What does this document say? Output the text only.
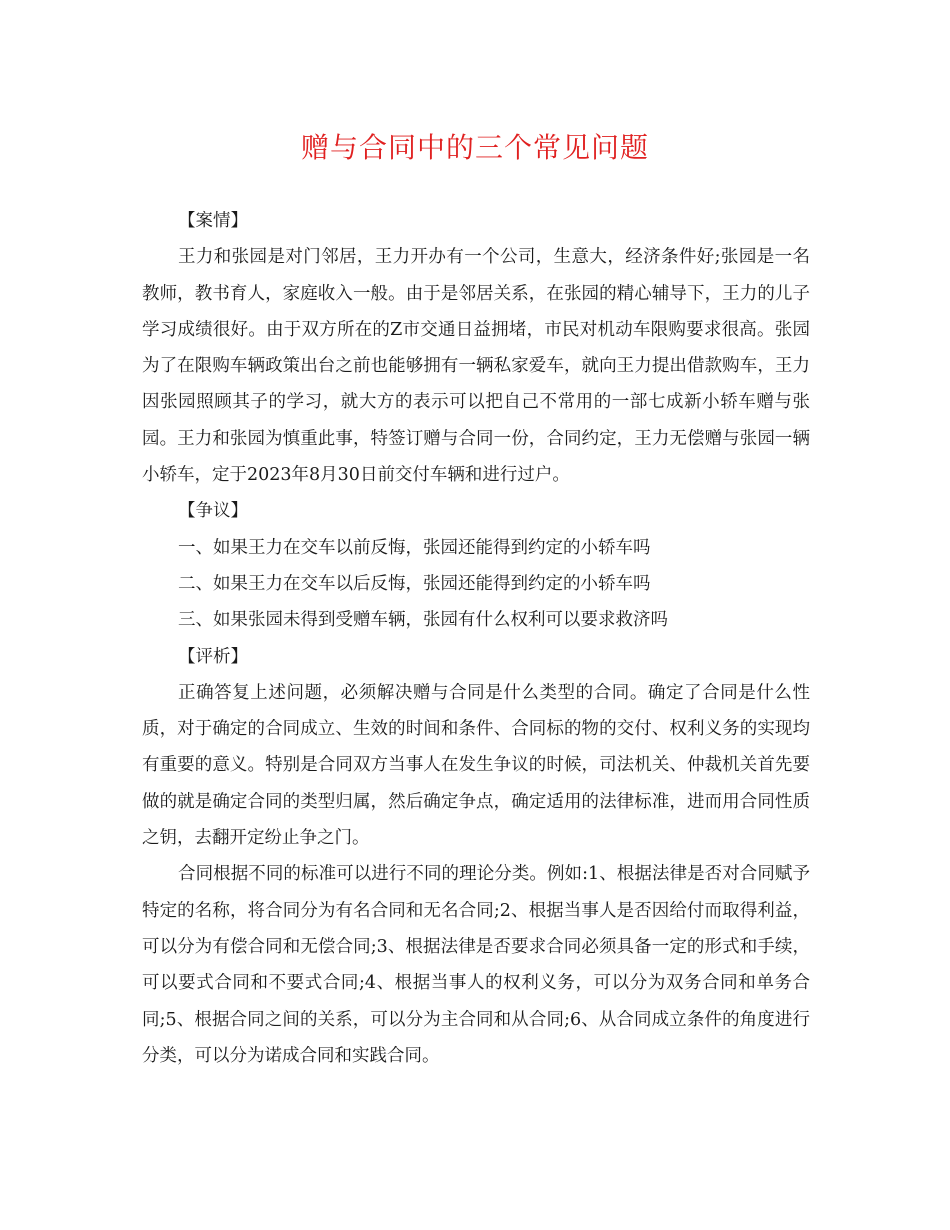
赠与合同中的三个常见问题

【案情】

王力和张园是对门邻居，王力开办有一个公司，生意大，经济条件好;张园是一名教师，教书育人，家庭收入一般。由于是邻居关系，在张园的精心辅导下，王力的儿子学习成绩很好。由于双方所在的Z市交通日益拥堵，市民对机动车限购要求很高。张园为了在限购车辆政策出台之前也能够拥有一辆私家爱车，就向王力提出借款购车，王力因张园照顾其子的学习，就大方的表示可以把自己不常用的一部七成新小轿车赠与张园。王力和张园为慎重此事，特签订赠与合同一份，合同约定，王力无偿赠与张园一辆小轿车，定于2023年8月30日前交付车辆和进行过户。

【争议】

一、如果王力在交车以前反悔，张园还能得到约定的小轿车吗

二、如果王力在交车以后反悔，张园还能得到约定的小轿车吗

三、如果张园未得到受赠车辆，张园有什么权利可以要求救济吗

【评析】

正确答复上述问题，必须解决赠与合同是什么类型的合同。确定了合同是什么性质，对于确定的合同成立、生效的时间和条件、合同标的物的交付、权利义务的实现均有重要的意义。特别是合同双方当事人在发生争议的时候，司法机关、仲裁机关首先要做的就是确定合同的类型归属，然后确定争点，确定适用的法律标准，进而用合同性质之钥，去翻开定纷止争之门。

合同根据不同的标准可以进行不同的理论分类。例如:1、根据法律是否对合同赋予特定的名称，将合同分为有名合同和无名合同;2、根据当事人是否因给付而取得利益，可以分为有偿合同和无偿合同;3、根据法律是否要求合同必须具备一定的形式和手续，可以要式合同和不要式合同;4、根据当事人的权利义务，可以分为双务合同和单务合同;5、根据合同之间的关系，可以分为主合同和从合同;6、从合同成立条件的角度进行分类，可以分为诺成合同和实践合同。
